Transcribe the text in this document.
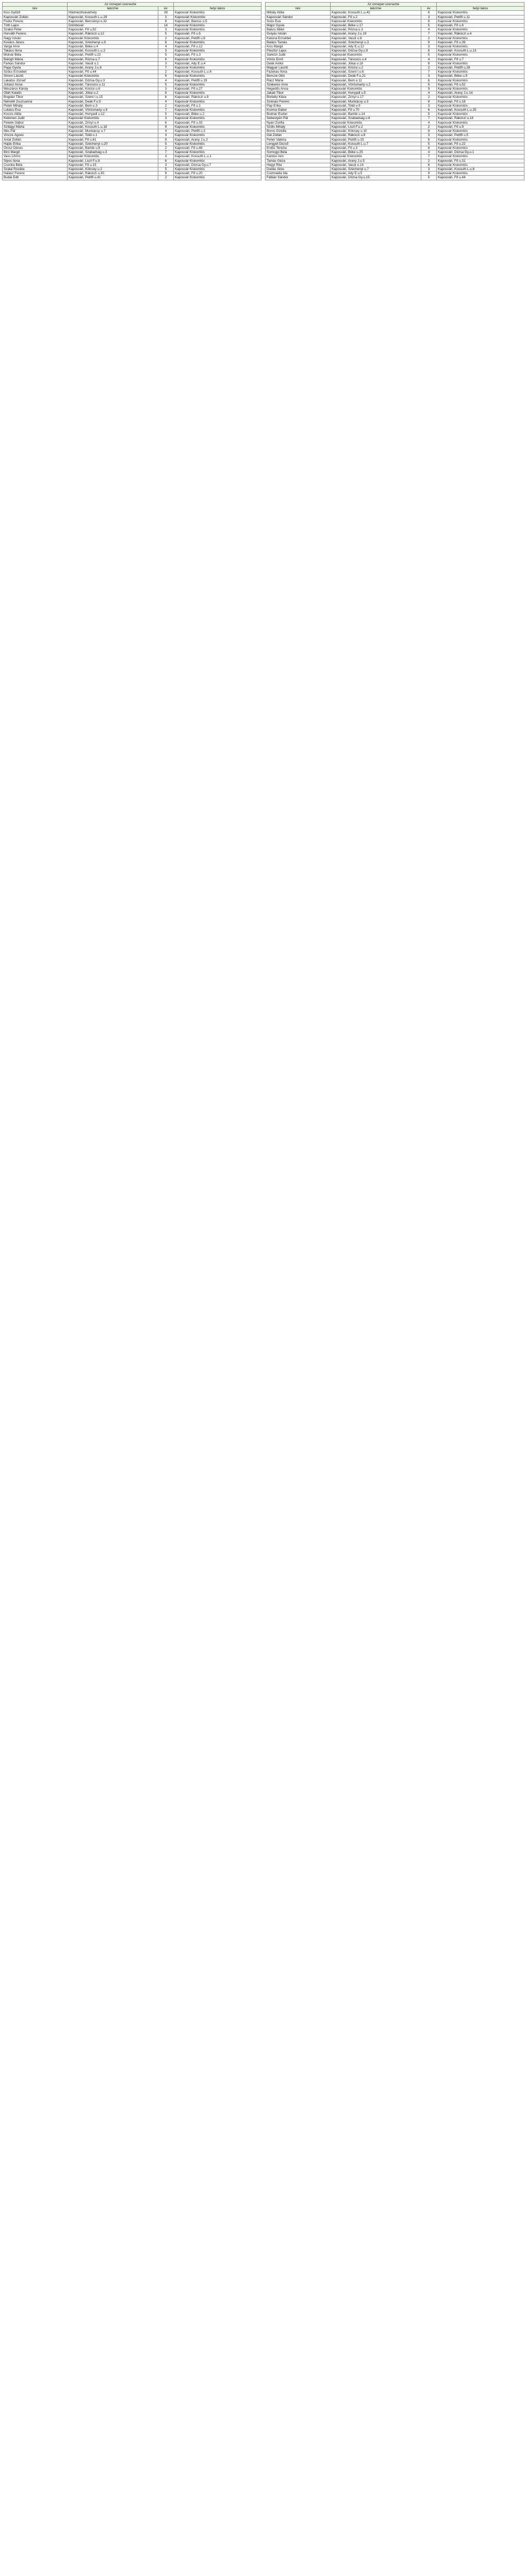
	Az ünnepet szervezte		
név	lakcíme	év	helyi lakos
Kiss Győző	Hódmezővásárhely	39	Kaposvár Kiskomlós
Kaposvári Zoltán	Kaposvári, Kossuth L.u.29	3	Kaposvári Kiskomlós
Fodor Ferenc	Kaposvári, Bercsényi u.32	8	Kaposvári, Baross u.5
Tóth Lajos	Dombóvár	14	Kaposvár Kiskomlós
Szabó Péter	Kaposvári, Fő u.52	3	Kaposvár Kiskomlós
Horváth Ferenc	Kaposvári, Rákóczi u.12	5	Kaposvári, Fő u.5
Nagy István	Kaposvári Kiskomlós	2	Kaposvári, Petőfi u.6
Kovács János	Kaposvári, Széchenyi u.9	8	Kaposvár Kiskomlós
Varga Imre	Kaposvári, Béke u.4	4	Kaposvári, Fő u.12
Takács Ilona	Kaposvári, Kossuth L.u.2	3	Kaposvár Kiskomlós
Molnár Béla	Kaposvári, Petőfi u.22	5	Kaposvári, Fő u.3
Balogh Mária	Kaposvári, Rózsa u.7	6	Kaposvár Kiskomlós
Farkas Sándor	Kaposvári, Vasút u.1	3	Kaposvári, Ady E.u.4
Papp Gyula	Kaposvári, Arany J.u.8	7	Kaposvár Kiskomlós
Szűcs Erzsébet	Kaposvári, Fő u.44	2	Kaposvári, Kossuth L.u.6
Simon László	Kaposvári Kiskomlós	9	Kaposvár Kiskomlós
Lakatos József	Kaposvári, Dózsa Gy.u.3	4	Kaposvári, Petőfi u.19
Juhász Anna	Kaposvári, Táncsics u.11	5	Kaposvár Kiskomlós
Mészáros Károly	Kaposvári, Kinizsi u.6	3	Kaposvári, Fő u.27
Oláh Katalin	Kaposvári, Jókai u.2	8	Kaposvár Kiskomlós
Bogdán Tibor	Kaposvári, Szent I.u.15	6	Kaposvári, Rákóczi u.9
Németh Zsuzsanna	Kaposvári, Deák F.u.5	4	Kaposvár Kiskomlós
Pintér Mihály	Kaposvári, Bem u.3	2	Kaposvári, Fő u.1
Lukács Éva	Kaposvári, Vörösmarty u.9	7	Kaposvár Kiskomlós
Kocsis Attila	Kaposvári, Hunyadi u.12	5	Kaposvári, Béke u.2
Kelemen Judit	Kaposvári Kiskomlós	3	Kaposvár Kiskomlós
Fekete Gábor	Kaposvári, Zrínyi u.4	6	Kaposvári, Fő u.33
Szilágyi Márta	Kaposvári, Kossuth L.u.18	9	Kaposvár Kiskomlós
Illés Pál	Kaposvári, Munkácsy u.7	4	Kaposvári, Petőfi u.3
Vincze Ágnes	Kaposvári, Toldi u.1	3	Kaposvár Kiskomlós
Antal Zoltán	Kaposvári, Fő u.61	8	Kaposvári, Arany J.u.2
Hajdu Erika	Kaposvári, Széchenyi u.20	5	Kaposvár Kiskomlós
Orosz Dénes	Kaposvári, Bartók u.6	2	Kaposvári, Fő u.48
Bíró Margit	Kaposvári, Szabadság u.3	7	Kaposvár Kiskomlós
Vass Lőrinc	Kaposvári Kiskomlós	4	Kaposvári, Kossuth L.u.1
Sipos Ilona	Kaposvári, Liszt F.u.8	6	Kaposvár Kiskomlós
Csonka Béla	Kaposvári, Fő u.15	3	Kaposvári, Dózsa Gy.u.7
Szalai Rozália	Kaposvári, Kölcsey u.2	5	Kaposvár Kiskomlós
Halász Ferenc	Kaposvári, Rákóczi u.30	9	Kaposvári, Fő u.20
Budai Edit	Kaposvári, Petőfi u.41	2	Kaposvár Kiskomlós
	Az ünnepet szervezte		
név	lakcíme	év	helyi lakos
Mihály Attila	Kaposvári, Kossuth L.u.42	6	Kaposvár Kiskomlós
Kaposvári Sándor	Kaposvári, Fő u.2	3	Kaposvári, Petőfi u.11
Soós Éva	Kaposvári Kiskomlós	8	Kaposvár Kiskomlós
Major Gyula	Kaposvári, Béke u.17	5	Kaposvári, Fő u.6
Bakos Ildikó	Kaposvári, Rózsa u.3	4	Kaposvár Kiskomlós
Gulyás István	Kaposvári, Arany J.u.19	7	Kaposvári, Rákóczi u.4
Katona Erzsébet	Kaposvári, Vasút u.8	2	Kaposvár Kiskomlós
Balázs Tamás	Kaposvári, Széchenyi u.3	9	Kaposvári, Fő u.39
Kiss Margit	Kaposvári, Ady E.u.12	3	Kaposvár Kiskomlós
Pásztor Lajos	Kaposvári, Dózsa Gy.u.9	6	Kaposvári, Kossuth L.u.13
Sárközi Judit	Kaposvári Kiskomlós	5	Kaposvár Kiskomlós
Vörös Ernő	Kaposvári, Táncsics u.4	4	Kaposvári, Fő u.7
Deák Anikó	Kaposvári, Jókai u.16	8	Kaposvár Kiskomlós
Magyar László	Kaposvári, Kinizsi u.2	2	Kaposvári, Petőfi u.28
Fazekas Ilona	Kaposvári, Szent I.u.6	7	Kaposvár Kiskomlós
Bencze Ottó	Kaposvári, Deák F.u.21	3	Kaposvári, Béke u.9
Rácz Mária	Kaposvári, Bem u.11	6	Kaposvár Kiskomlós
Szekeres Imre	Kaposvári, Vörösmarty u.2	5	Kaposvári, Fő u.52
Hegedűs Anna	Kaposvári Kiskomlós	9	Kaposvár Kiskomlós
Jakab Tibor	Kaposvári, Hunyadi u.5	4	Kaposvári, Arany J.u.14
Borbély Klára	Kaposvári, Zrínyi u.17	2	Kaposvár Kiskomlós
Szénási Ferenc	Kaposvári, Munkácsy u.3	8	Kaposvári, Fő u.18
Pap Erika	Kaposvári, Toldi u.9	3	Kaposvár Kiskomlós
Kozma Gábor	Kaposvári, Fő u.70	6	Kaposvári, Kossuth L.u.25
Bodnár Eszter	Kaposvári, Bartók u.14	5	Kaposvár Kiskomlós
Sebestyén Pál	Kaposvári, Szabadság u.8	7	Kaposvári, Rákóczi u.16
Nyári Zsófia	Kaposvári Kiskomlós	4	Kaposvár Kiskomlós
Szűts Mihály	Kaposvári, Liszt F.u.2	2	Kaposvári, Fő u.9
Boros Gizella	Kaposvári, Kölcsey u.10	9	Kaposvár Kiskomlós
Gál Zoltán	Kaposvári, Rákóczi u.8	3	Kaposvári, Petőfi u.5
Fehér Valéria	Kaposvári, Petőfi u.33	6	Kaposvár Kiskomlós
Lengyel Dezső	Kaposvári, Kossuth L.u.7	5	Kaposvári, Fő u.22
Erdős Terézia	Kaposvári, Fő u.3	8	Kaposvár Kiskomlós
Somogyi Béla	Kaposvári, Béke u.25	4	Kaposvári, Dózsa Gy.u.1
Kardos Irén	Kaposvári Kiskomlós	7	Kaposvár Kiskomlós
Tamás Géza	Kaposvári, Arany J.u.5	2	Kaposvári, Fő u.31
Hegyi Rita	Kaposvári, Vasút u.14	6	Kaposvár Kiskomlós
Dudás Ákos	Kaposvári, Széchenyi u.7	3	Kaposvári, Kossuth L.u.8
Csizmadia Ida	Kaposvári, Ady E.u.5	9	Kaposvár Kiskomlós
Fábián Sándor	Kaposvári, Dózsa Gy.u.15	5	Kaposvári, Fő u.44
